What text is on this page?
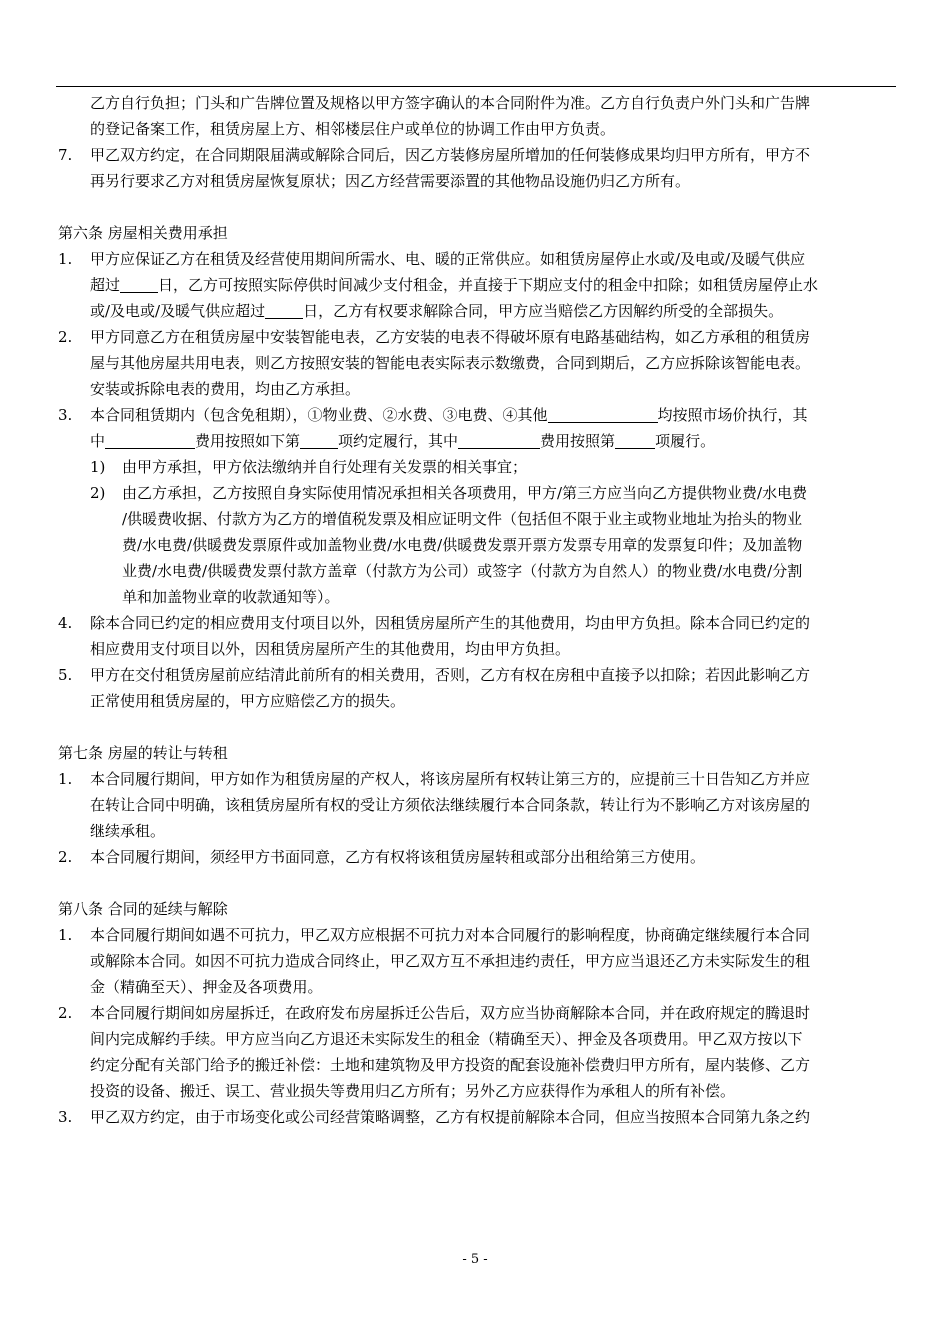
乙方自行负担；门头和广告牌位置及规格以甲方签字确认的本合同附件为准。乙方自行负责户外门头和广告牌
的登记备案工作，租赁房屋上方、相邻楼层住户或单位的协调工作由甲方负责。
7.	甲乙双方约定，在合同期限届满或解除合同后，因乙方装修房屋所增加的任何装修成果均归甲方所有，甲方不
再另行要求乙方对租赁房屋恢复原状；因乙方经营需要添置的其他物品设施仍归乙方所有。
第六条 房屋相关费用承担
1.	甲方应保证乙方在租赁及经营使用期间所需水、电、暖的正常供应。如租赁房屋停止水或/及电或/及暖气供应
超过	日，乙方可按照实际停供时间减少支付租金，并直接于下期应支付的租金中扣除；如租赁房屋停止水
或/及电或/及暖气供应超过	日，乙方有权要求解除合同，甲方应当赔偿乙方因解约所受的全部损失。
2.	甲方同意乙方在租赁房屋中安装智能电表，乙方安装的电表不得破坏原有电路基础结构，如乙方承租的租赁房
屋与其他房屋共用电表，则乙方按照安装的智能电表实际表示数缴费，合同到期后，乙方应拆除该智能电表。
安装或拆除电表的费用，均由乙方承担。
3.	本合同租赁期内（包含免租期），①物业费、②水费、③电费、④其他	均按照市场价执行，其
中	费用按照如下第	项约定履行，其中	费用按照第	项履行。
1)	由甲方承担，甲方依法缴纳并自行处理有关发票的相关事宜；
2)	由乙方承担，乙方按照自身实际使用情况承担相关各项费用，甲方/第三方应当向乙方提供物业费/水电费
/供暖费收据、付款方为乙方的增值税发票及相应证明文件（包括但不限于业主或物业地址为抬头的物业
费/水电费/供暖费发票原件或加盖物业费/水电费/供暖费发票开票方发票专用章的发票复印件；及加盖物
业费/水电费/供暖费发票付款方盖章（付款方为公司）或签字（付款方为自然人）的物业费/水电费/分割
单和加盖物业章的收款通知等）。
4.	除本合同已约定的相应费用支付项目以外，因租赁房屋所产生的其他费用，均由甲方负担。除本合同已约定的
相应费用支付项目以外，因租赁房屋所产生的其他费用，均由甲方负担。
5.	甲方在交付租赁房屋前应结清此前所有的相关费用，否则，乙方有权在房租中直接予以扣除；若因此影响乙方
正常使用租赁房屋的，甲方应赔偿乙方的损失。
第七条 房屋的转让与转租
1.	本合同履行期间，甲方如作为租赁房屋的产权人，将该房屋所有权转让第三方的，应提前三十日告知乙方并应
在转让合同中明确，该租赁房屋所有权的受让方须依法继续履行本合同条款，转让行为不影响乙方对该房屋的
继续承租。
2.	本合同履行期间，须经甲方书面同意，乙方有权将该租赁房屋转租或部分出租给第三方使用。
第八条 合同的延续与解除
1.	本合同履行期间如遇不可抗力，甲乙双方应根据不可抗力对本合同履行的影响程度，协商确定继续履行本合同
或解除本合同。如因不可抗力造成合同终止，甲乙双方互不承担违约责任，甲方应当退还乙方未实际发生的租
金（精确至天）、押金及各项费用。
2.	本合同履行期间如房屋拆迁，在政府发布房屋拆迁公告后，双方应当协商解除本合同，并在政府规定的腾退时
间内完成解约手续。甲方应当向乙方退还未实际发生的租金（精确至天）、押金及各项费用。甲乙双方按以下
约定分配有关部门给予的搬迁补偿：土地和建筑物及甲方投资的配套设施补偿费归甲方所有，屋内装修、乙方
投资的设备、搬迁、误工、营业损失等费用归乙方所有；另外乙方应获得作为承租人的所有补偿。
3.	甲乙双方约定，由于市场变化或公司经营策略调整，乙方有权提前解除本合同，但应当按照本合同第九条之约
- 5 -
